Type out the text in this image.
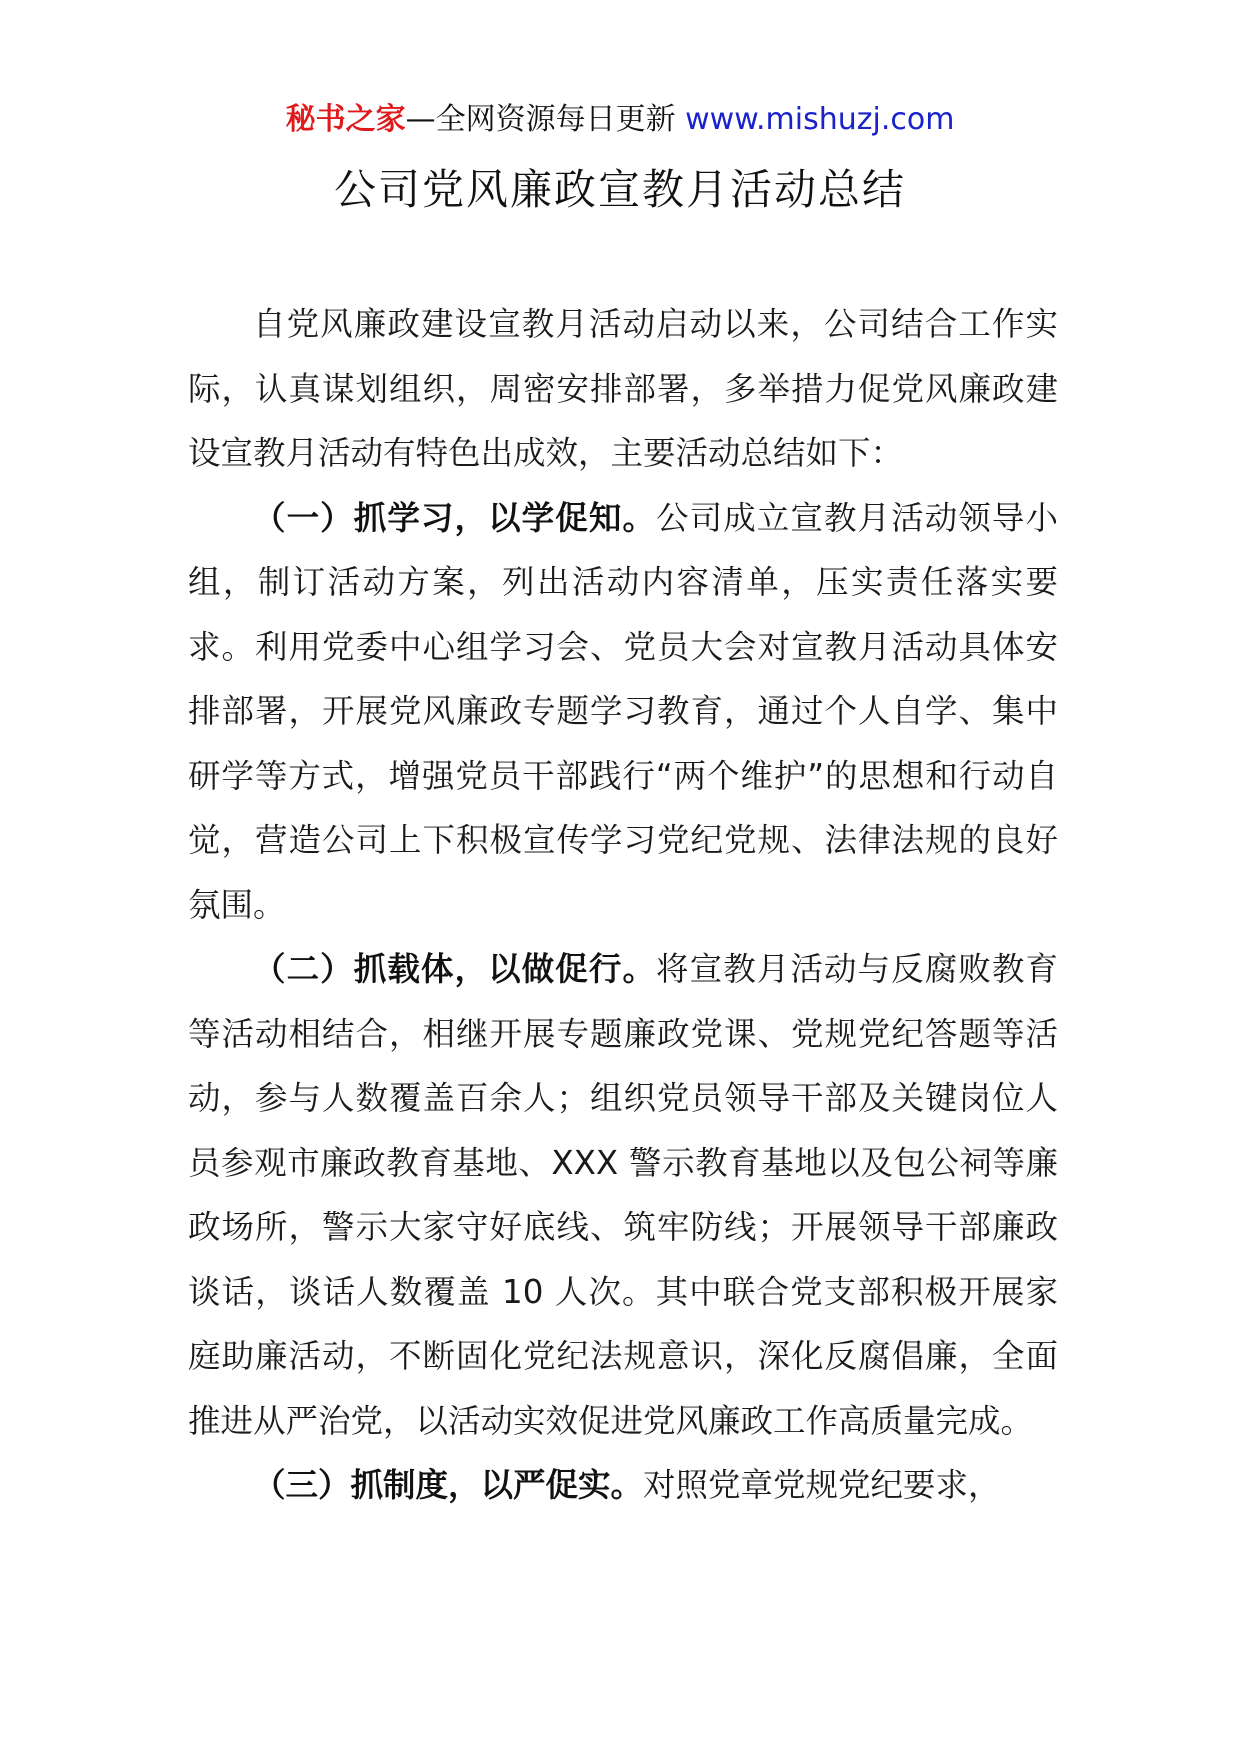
秘书之家—全网资源每日更新 www.mishuzj.com
公司党风廉政宣教月活动总结

自党风廉政建设宣教月活动启动以来，公司结合工作实际，认真谋划组织，周密安排部署，多举措力促党风廉政建设宣教月活动有特色出成效，主要活动总结如下：

（一）抓学习，以学促知。公司成立宣教月活动领导小组，制订活动方案，列出活动内容清单，压实责任落实要求。利用党委中心组学习会、党员大会对宣教月活动具体安排部署，开展党风廉政专题学习教育，通过个人自学、集中研学等方式，增强党员干部践行“两个维护”的思想和行动自觉，营造公司上下积极宣传学习党纪党规、法律法规的良好氛围。

（二）抓载体，以做促行。将宣教月活动与反腐败教育等活动相结合，相继开展专题廉政党课、党规党纪答题等活动，参与人数覆盖百余人；组织党员领导干部及关键岗位人员参观市廉政教育基地、XXX 警示教育基地以及包公祠等廉政场所，警示大家守好底线、筑牢防线；开展领导干部廉政谈话，谈话人数覆盖 10 人次。其中联合党支部积极开展家庭助廉活动，不断固化党纪法规意识，深化反腐倡廉，全面推进从严治党，以活动实效促进党风廉政工作高质量完成。

（三）抓制度，以严促实。对照党章党规党纪要求，
